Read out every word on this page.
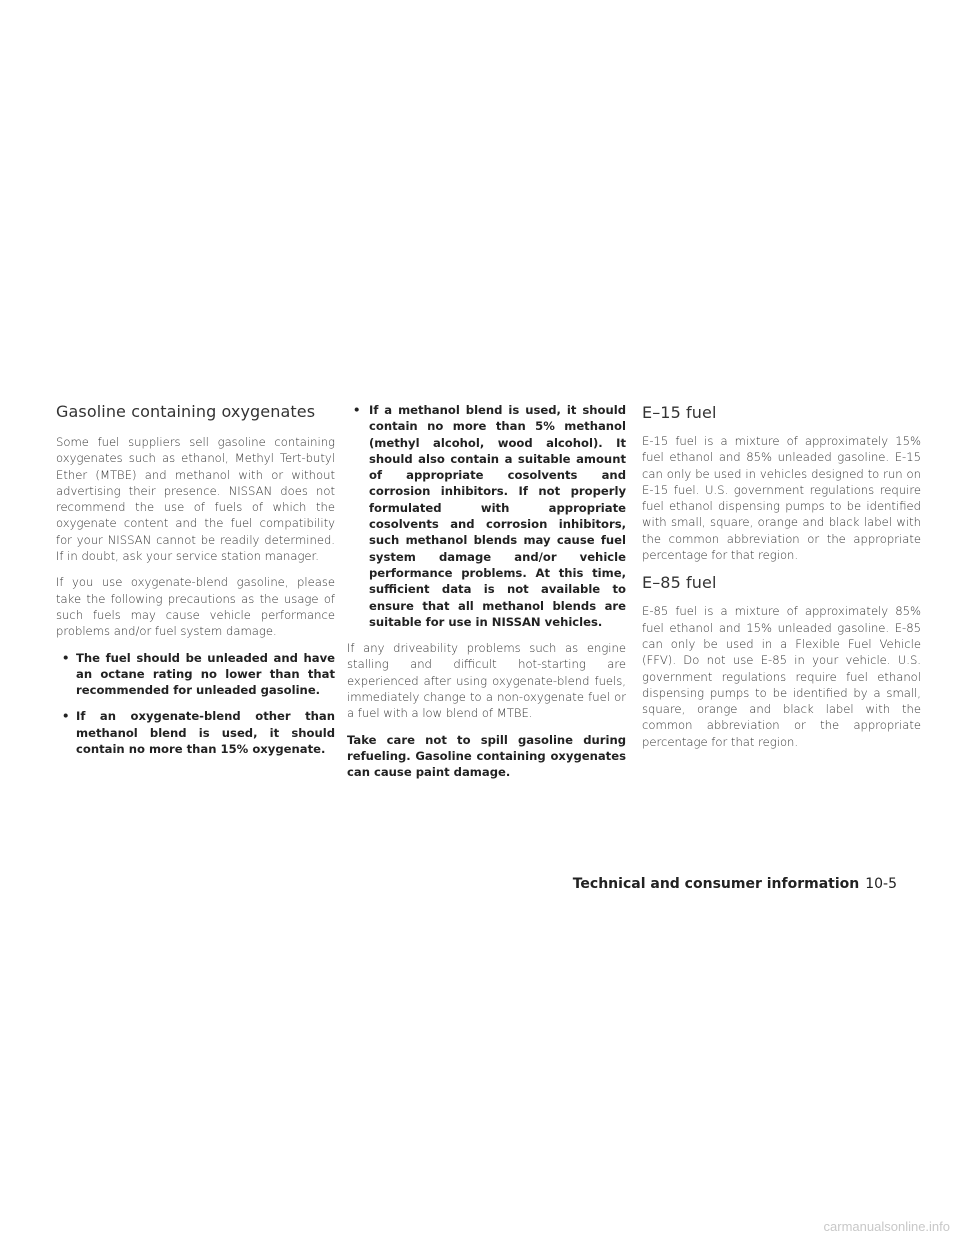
Gasoline containing oxygenates

Some fuel suppliers sell gasoline containing oxygenates such as ethanol, Methyl Tert-butyl Ether (MTBE) and methanol with or without advertising their presence. NISSAN does not recommend the use of fuels of which the oxygenate content and the fuel compatibility for your NISSAN cannot be readily determined. If in doubt, ask your service station manager.

If you use oxygenate-blend gasoline, please take the following precautions as the usage of such fuels may cause vehicle performance problems and/or fuel system damage.

• The fuel should be unleaded and have an octane rating no lower than that recommended for unleaded gasoline.
• If an oxygenate-blend other than methanol blend is used, it should contain no more than 15% oxygenate.
• If a methanol blend is used, it should contain no more than 5% methanol (methyl alcohol, wood alcohol). It should also contain a suitable amount of appropriate cosolvents and corrosion inhibitors. If not properly formulated with appropriate cosolvents and corrosion inhibitors, such methanol blends may cause fuel system damage and/or vehicle performance problems. At this time, sufficient data is not available to ensure that all methanol blends are suitable for use in NISSAN vehicles.

If any driveability problems such as engine stalling and difficult hot-starting are experienced after using oxygenate-blend fuels, immediately change to a non-oxygenate fuel or a fuel with a low blend of MTBE.

Take care not to spill gasoline during refueling. Gasoline containing oxygenates can cause paint damage.

E–15 fuel

E-15 fuel is a mixture of approximately 15% fuel ethanol and 85% unleaded gasoline. E-15 can only be used in vehicles designed to run on E-15 fuel. U.S. government regulations require fuel ethanol dispensing pumps to be identified with small, square, orange and black label with the common abbreviation or the appropriate percentage for that region.

E–85 fuel

E-85 fuel is a mixture of approximately 85% fuel ethanol and 15% unleaded gasoline. E-85 can only be used in a Flexible Fuel Vehicle (FFV). Do not use E-85 in your vehicle. U.S. government regulations require fuel ethanol dispensing pumps to be identified by a small, square, orange and black label with the common abbreviation or the appropriate percentage for that region.

Technical and consumer information 10-5
carmanualsonline.info
